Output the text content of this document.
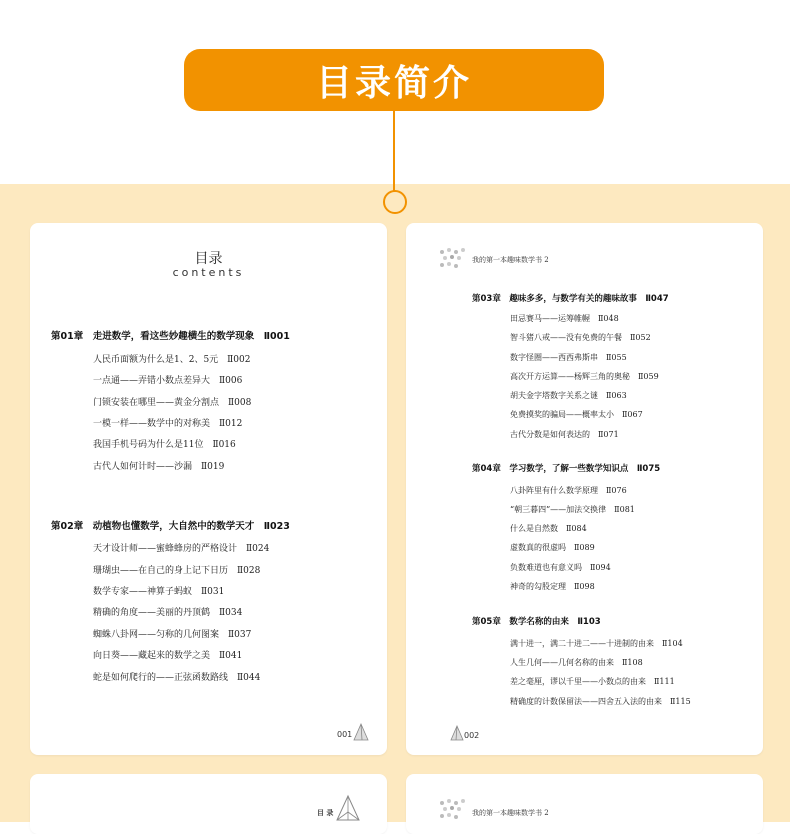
目录简介
目录
contents
第01章　走进数学，看这些妙趣横生的数学现象　Ⅱ001
人民币面额为什么是1、2、5元　Ⅱ002
一点通——弄错小数点差异大　Ⅱ006
门锁安装在哪里——黄金分割点　Ⅱ008
一模一样——数学中的对称美　Ⅱ012
我国手机号码为什么是11位　Ⅱ016
古代人如何计时——沙漏　Ⅱ019
第02章　动植物也懂数学，大自然中的数学天才　Ⅱ023
天才设计师——蜜蜂蜂房的严格设计　Ⅱ024
珊瑚虫——在自己的身上记下日历　Ⅱ028
数学专家——神算子蚂蚁　Ⅱ031
精确的角度——美丽的丹顶鹤　Ⅱ034
蜘蛛八卦网——匀称的几何图案　Ⅱ037
向日葵——藏起来的数学之美　Ⅱ041
蛇是如何爬行的——正弦函数路线　Ⅱ044
001
我的第一本趣味数学书 2
第03章　趣味多多，与数学有关的趣味故事　Ⅱ047
田忌赛马——运筹帷幄　Ⅱ048
智斗猪八戒——没有免费的午餐　Ⅱ052
数字怪圈——西西弗斯串　Ⅱ055
高次开方运算——杨辉三角的奥秘　Ⅱ059
胡夫金字塔数字关系之谜　Ⅱ063
免费摸奖的骗局——概率太小　Ⅱ067
古代分数是如何表达的　Ⅱ071
第04章　学习数学，了解一些数学知识点　Ⅱ075
八卦阵里有什么数学原理　Ⅱ076
“朝三暮四”——加法交换律　Ⅱ081
什么是自然数　Ⅱ084
虚数真的很虚吗　Ⅱ089
负数难道也有意义吗　Ⅱ094
神奇的勾股定理　Ⅱ098
第05章　数学名称的由来　Ⅱ103
满十进一，满二十进二——十进制的由来　Ⅱ104
人生几何——几何名称的由来　Ⅱ108
差之毫厘，谬以千里——小数点的由来　Ⅱ111
精确度的计数保留法——四舍五入法的由来　Ⅱ115
002
目 录	我的第一本趣味数学书 2
